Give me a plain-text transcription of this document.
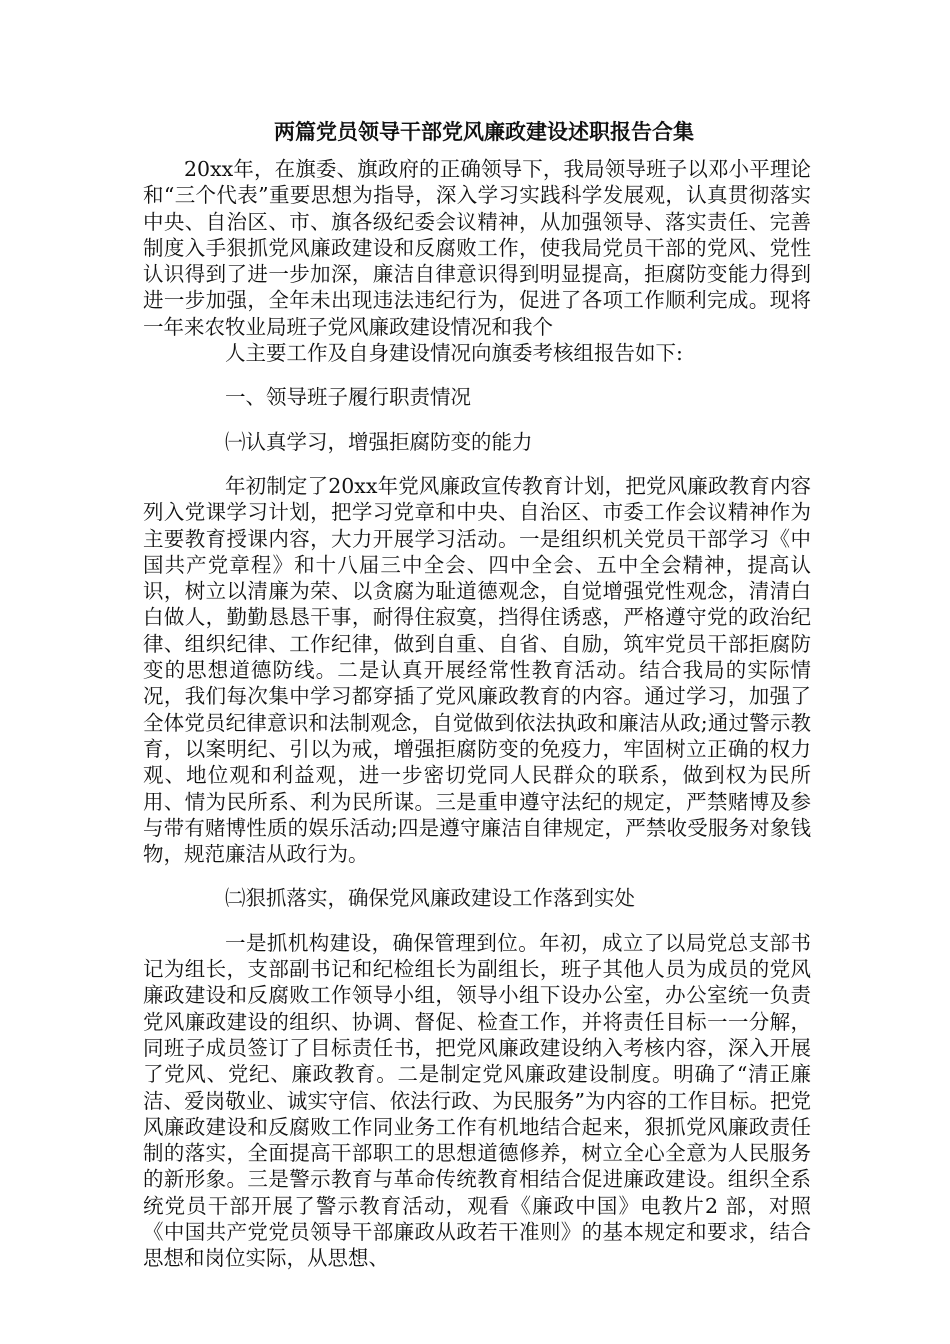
两篇党员领导干部党风廉政建设述职报告合集

20xx年，在旗委、旗政府的正确领导下，我局领导班子以邓小平理论和“三个代表”重要思想为指导，深入学习实践科学发展观，认真贯彻落实中央、自治区、市、旗各级纪委会议精神，从加强领导、落实责任、完善制度入手狠抓党风廉政建设和反腐败工作，使我局党员干部的党风、党性认识得到了进一步加深，廉洁自律意识得到明显提高，拒腐防变能力得到进一步加强，全年未出现违法违纪行为，促进了各项工作顺利完成。现将一年来农牧业局班子党风廉政建设情况和我个

人主要工作及自身建设情况向旗委考核组报告如下:

一、领导班子履行职责情况

㈠认真学习，增强拒腐防变的能力

年初制定了20xx年党风廉政宣传教育计划，把党风廉政教育内容列入党课学习计划，把学习党章和中央、自治区、市委工作会议精神作为主要教育授课内容，大力开展学习活动。一是组织机关党员干部学习《中国共产党章程》和十八届三中全会、四中全会、五中全会精神，提高认识，树立以清廉为荣、以贪腐为耻道德观念，自觉增强党性观念，清清白白做人，勤勤恳恳干事，耐得住寂寞，挡得住诱惑，严格遵守党的政治纪律、组织纪律、工作纪律，做到自重、自省、自励，筑牢党员干部拒腐防变的思想道德防线。二是认真开展经常性教育活动。结合我局的实际情况，我们每次集中学习都穿插了党风廉政教育的内容。通过学习，加强了全体党员纪律意识和法制观念，自觉做到依法执政和廉洁从政;通过警示教育，以案明纪、引以为戒，增强拒腐防变的免疫力，牢固树立正确的权力观、地位观和利益观，进一步密切党同人民群众的联系，做到权为民所用、情为民所系、利为民所谋。三是重申遵守法纪的规定，严禁赌博及参与带有赌博性质的娱乐活动;四是遵守廉洁自律规定，严禁收受服务对象钱物，规范廉洁从政行为。

㈡狠抓落实，确保党风廉政建设工作落到实处

一是抓机构建设，确保管理到位。年初，成立了以局党总支部书记为组长，支部副书记和纪检组长为副组长，班子其他人员为成员的党风廉政建设和反腐败工作领导小组，领导小组下设办公室，办公室统一负责党风廉政建设的组织、协调、督促、检查工作，并将责任目标一一分解，同班子成员签订了目标责任书，把党风廉政建设纳入考核内容，深入开展了党风、党纪、廉政教育。二是制定党风廉政建设制度。明确了“清正廉洁、爱岗敬业、诚实守信、依法行政、为民服务”为内容的工作目标。把党风廉政建设和反腐败工作同业务工作有机地结合起来，狠抓党风廉政责任制的落实，全面提高干部职工的思想道德修养，树立全心全意为人民服务的新形象。三是警示教育与革命传统教育相结合促进廉政建设。组织全系统党员干部开展了警示教育活动，观看《廉政中国》电教片2 部，对照《中国共产党党员领导干部廉政从政若干准则》的基本规定和要求，结合思想和岗位实际，从思想、
